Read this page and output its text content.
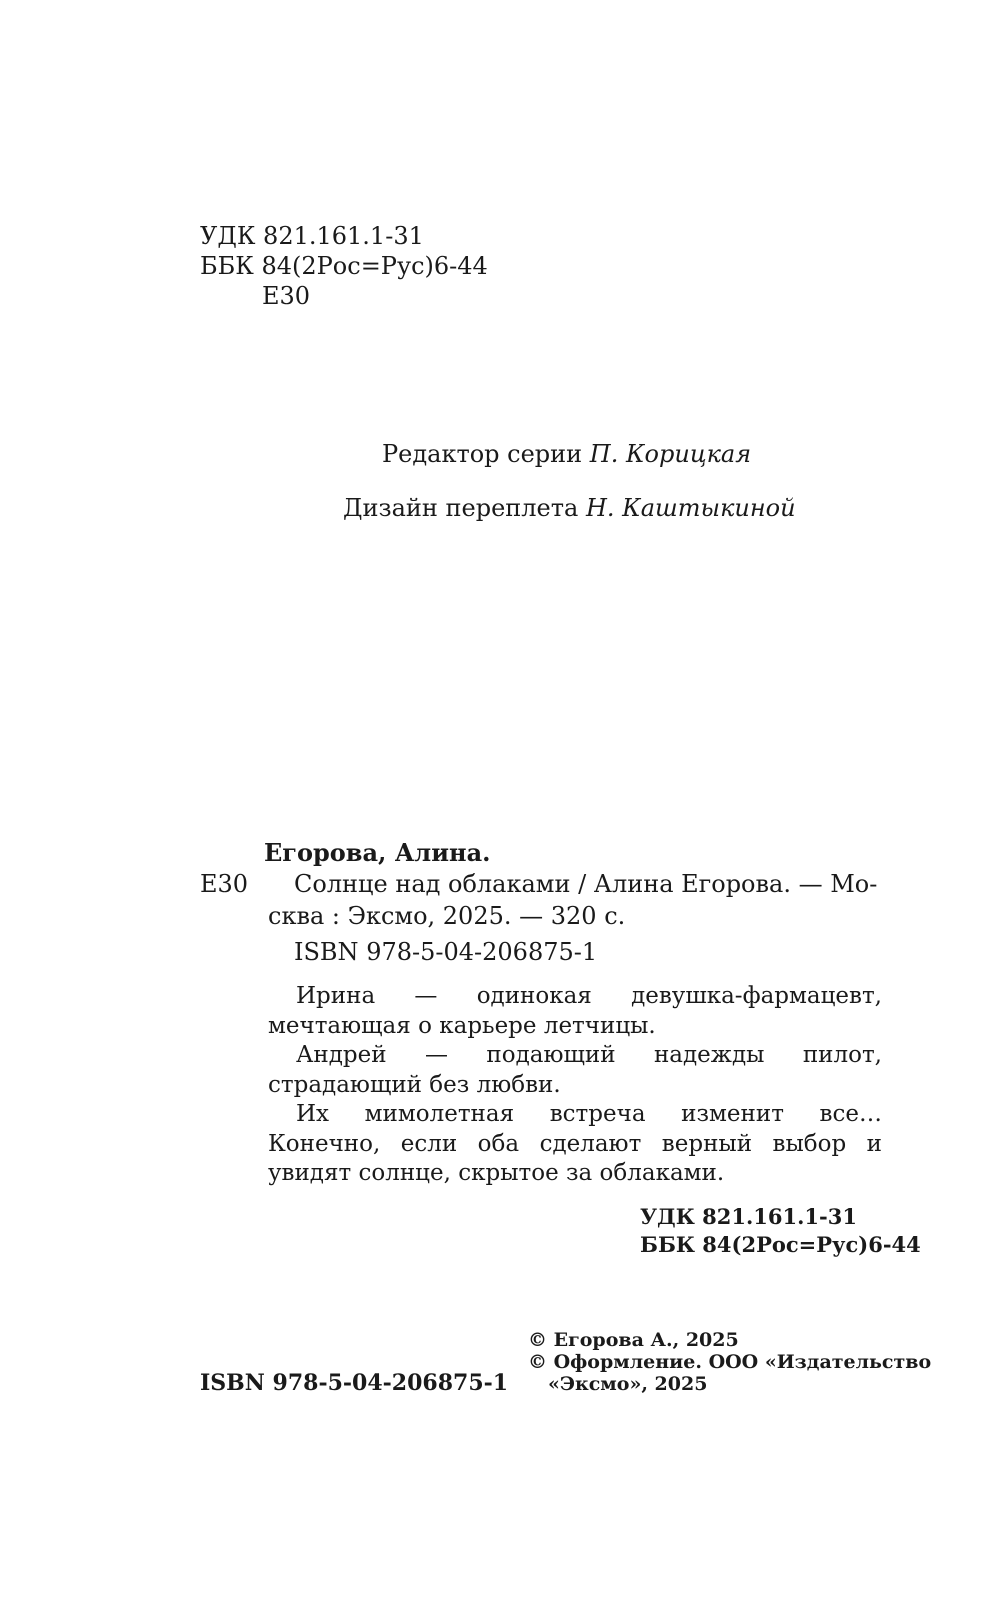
УДК 821.161.1-31
ББК 84(2Рос=Рус)6-44
Е30
Редактор серии П. Корицкая
Дизайн переплета Н. Каштыкиной
Егорова, Алина.
Е30 Солнце над облаками / Алина Егорова. — Мо-
сква : Эксмо, 2025. — 320 с.
ISBN 978-5-04-206875-1
Ирина — одинокая девушка-фармацевт, мечтающая о карьере летчицы.
Андрей — подающий надежды пилот, страдающий без любви.
Их мимолетная встреча изменит все… Конечно, если оба сделают верный выбор и увидят солнце, скрытое за облаками.
УДК 821.161.1-31
ББК 84(2Рос=Рус)6-44
ISBN 978-5-04-206875-1
© Егорова А., 2025
© Оформление. ООО «Издательство
«Эксмо», 2025
